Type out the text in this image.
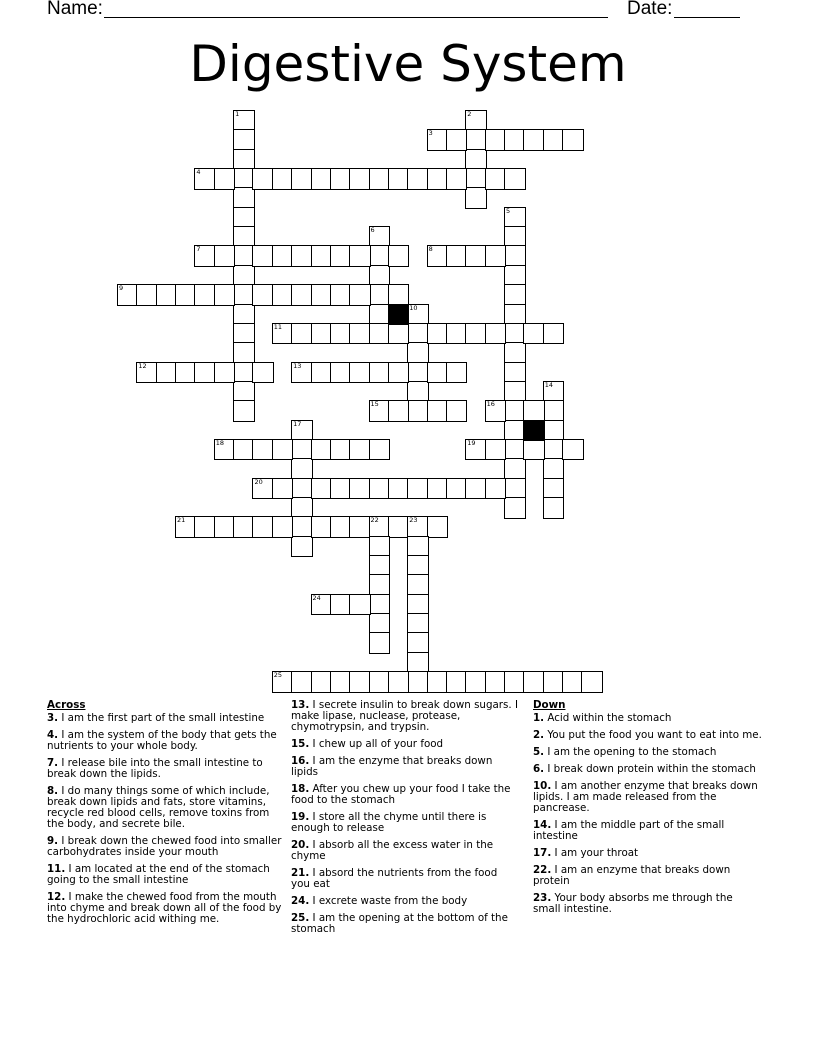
Name:	Date:
Digestive System
1	2
3
4
5
6
7	8
9
10
11
12	13
14
15	16
17
18	19
20
21	22	23
24
25
Across
3. I am the first part of the small intestine
4. I am the system of the body that gets the nutrients to your whole body.
7. I release bile into the small intestine to break down the lipids.
8. I do many things some of which include, break down lipids and fats, store vitamins, recycle red blood cells, remove toxins from the body, and secrete bile.
9. I break down the chewed food into smaller carbohydrates inside your mouth
11. I am located at the end of the stomach going to the small intestine
12. I make the chewed food from the mouth into chyme and break down all of the food by the hydrochloric acid withing me.
13. I secrete insulin to break down sugars. I make lipase, nuclease, protease, chymotrypsin, and trypsin.
15. I chew up all of your food
16. I am the enzyme that breaks down lipids
18. After you chew up your food I take the food to the stomach
19. I store all the chyme until there is enough to release
20. I absorb all the excess water in the chyme
21. I absord the nutrients from the food you eat
24. I excrete waste from the body
25. I am the opening at the bottom of the stomach
Down
1. Acid within the stomach
2. You put the food you want to eat into me.
5. I am the opening to the stomach
6. I break down protein within the stomach
10. I am another enzyme that breaks down lipids. I am made released from the pancrease.
14. I am the middle part of the small intestine
17. I am your throat
22. I am an enzyme that breaks down protein
23. Your body absorbs me through the small intestine.
